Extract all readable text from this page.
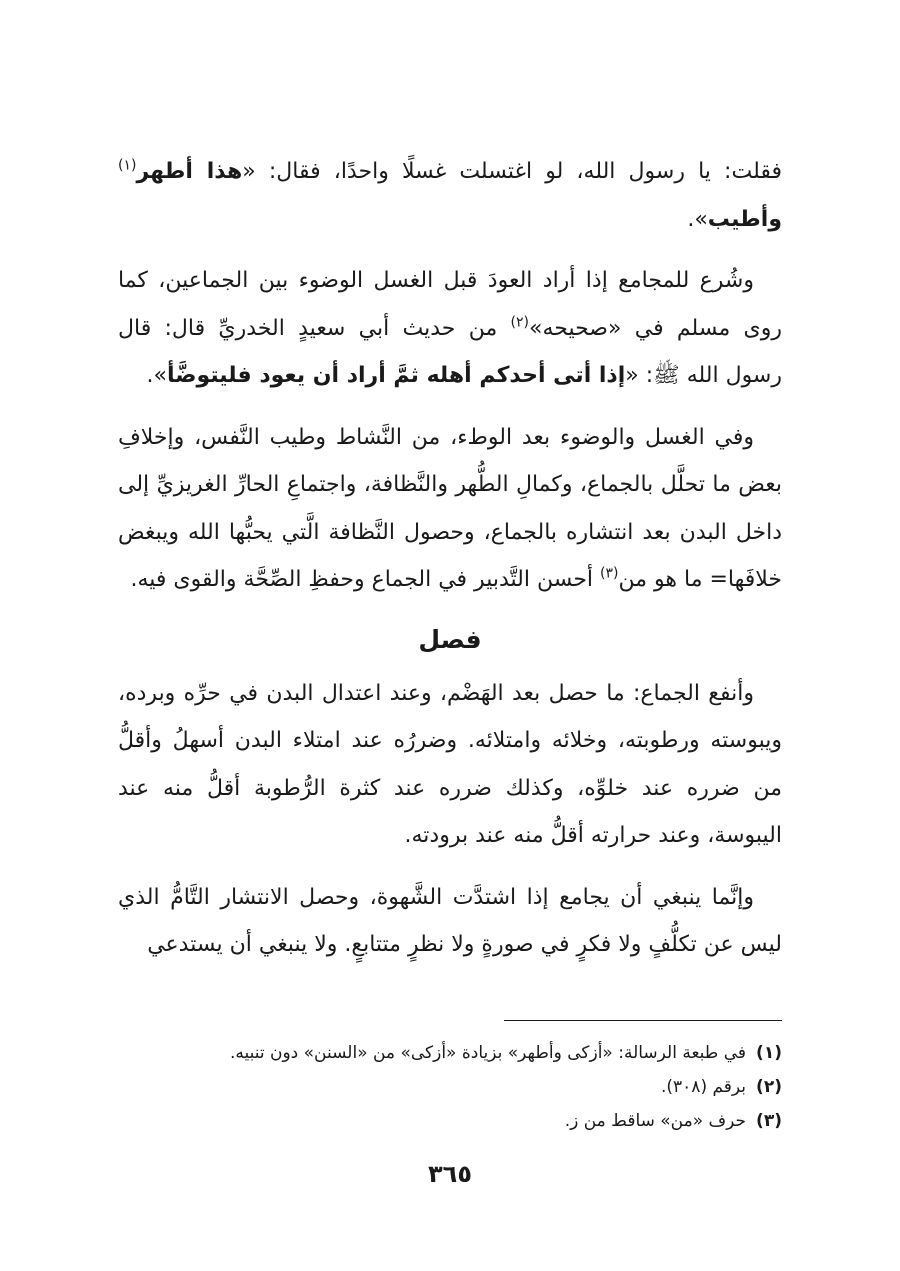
فقلت: يا رسول الله، لو اغتسلت غسلًا واحدًا، فقال: «هذا أطهر$^{(١)}$ وأطيب».

وشُرع للمجامع إذا أراد العودَ قبل الغسل الوضوء بين الجماعين، كما روى مسلم في «صحيحه»$^{(٢)}$ من حديث أبي سعيدٍ الخدريِّ قال: قال رسول الله ﷺ: «إذا أتى أحدكم أهله ثمَّ أراد أن يعود فليتوضَّأ».

وفي الغسل والوضوء بعد الوطء، من النَّشاط وطيب النَّفس، وإخلافِ بعض ما تحلَّل بالجماع، وكمالِ الطُّهر والنَّظافة، واجتماعِ الحارِّ الغريزيِّ إلى داخل البدن بعد انتشاره بالجماع، وحصول النَّظافة الَّتي يحبُّها الله ويبغض خلافَها= ما هو من$^{(٣)}$ أحسن التَّدبير في الجماع وحفظِ الصِّحَّة والقوى فيه.

فصل

وأنفع الجماع: ما حصل بعد الهَضْم، وعند اعتدال البدن في حرِّه وبرده، ويبوسته ورطوبته، وخلائه وامتلائه. وضررُه عند امتلاء البدن أسهلُ وأقلُّ من ضرره عند خلوِّه، وكذلك ضرره عند كثرة الرُّطوبة أقلُّ منه عند اليبوسة، وعند حرارته أقلُّ منه عند برودته.

وإنَّما ينبغي أن يجامع إذا اشتدَّت الشَّهوة، وحصل الانتشار التَّامُّ الذي ليس عن تكلُّفٍ ولا فكرٍ في صورةٍ ولا نظرٍ متتابعٍ. ولا ينبغي أن يستدعي

(١)في طبعة الرسالة: «أزكى وأطهر» بزيادة «أزكى» من «السنن» دون تنبيه.
(٢)برقم (٣٠٨).
(٣)حرف «من» ساقط من ز.
٣٦٥
